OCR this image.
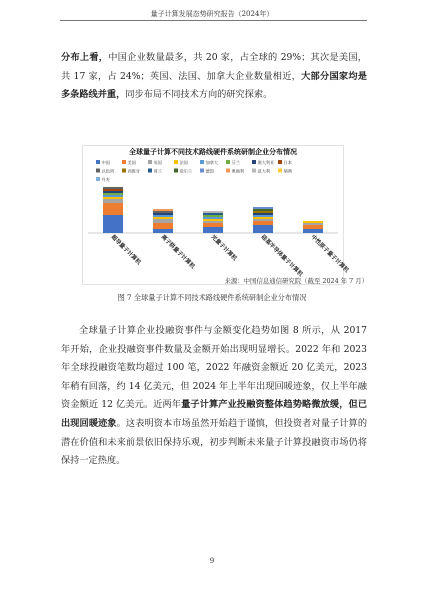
量子计算发展态势研究报告（2024年）
分布上看，中国企业数量最多，共 20 家，占全球的 29%；其次是美国，共 17 家，占 24%；英国、法国、加拿大企业数量相近，大部分国家均是多条路线并重，同步布局不同技术方向的研究探索。
全球量子计算不同技术路线硬件系统研制企业分布情况
中国	美国	英国	法国	加拿大	芬兰	澳大利亚 日本
以色列	西班牙	荷兰	爱尔兰	德国	奥地利	意大利	瑞典
丹麦
超导量子计算机	离子阱量子计算机	光量子计算机	硅基半导体量子计算机	中性原子量子计算机
来源：中国信息通信研究院（截至 2024 年 7 月）
图 7 全球量子计算不同技术路线硬件系统研制企业分布情况
全球量子计算企业投融资事件与金额变化趋势如图 8 所示，从 2017 年开始，企业投融资事件数量及金额开始出现明显增长。2022 年和 2023 年全球投融资笔数均超过 100 笔，2022 年融资金额近 20 亿美元，2023 年稍有回落，约 14 亿美元，但 2024 年上半年出现回暖迹象，仅上半年融资金额近 12 亿美元。近两年量子计算产业投融资整体趋势略微放缓，但已出现回暖迹象。这表明资本市场虽然开始趋于谨慎，但投资者对量子计算的潜在价值和未来前景依旧保持乐观，初步判断未来量子计算投融资市场仍将保持一定热度。
9
